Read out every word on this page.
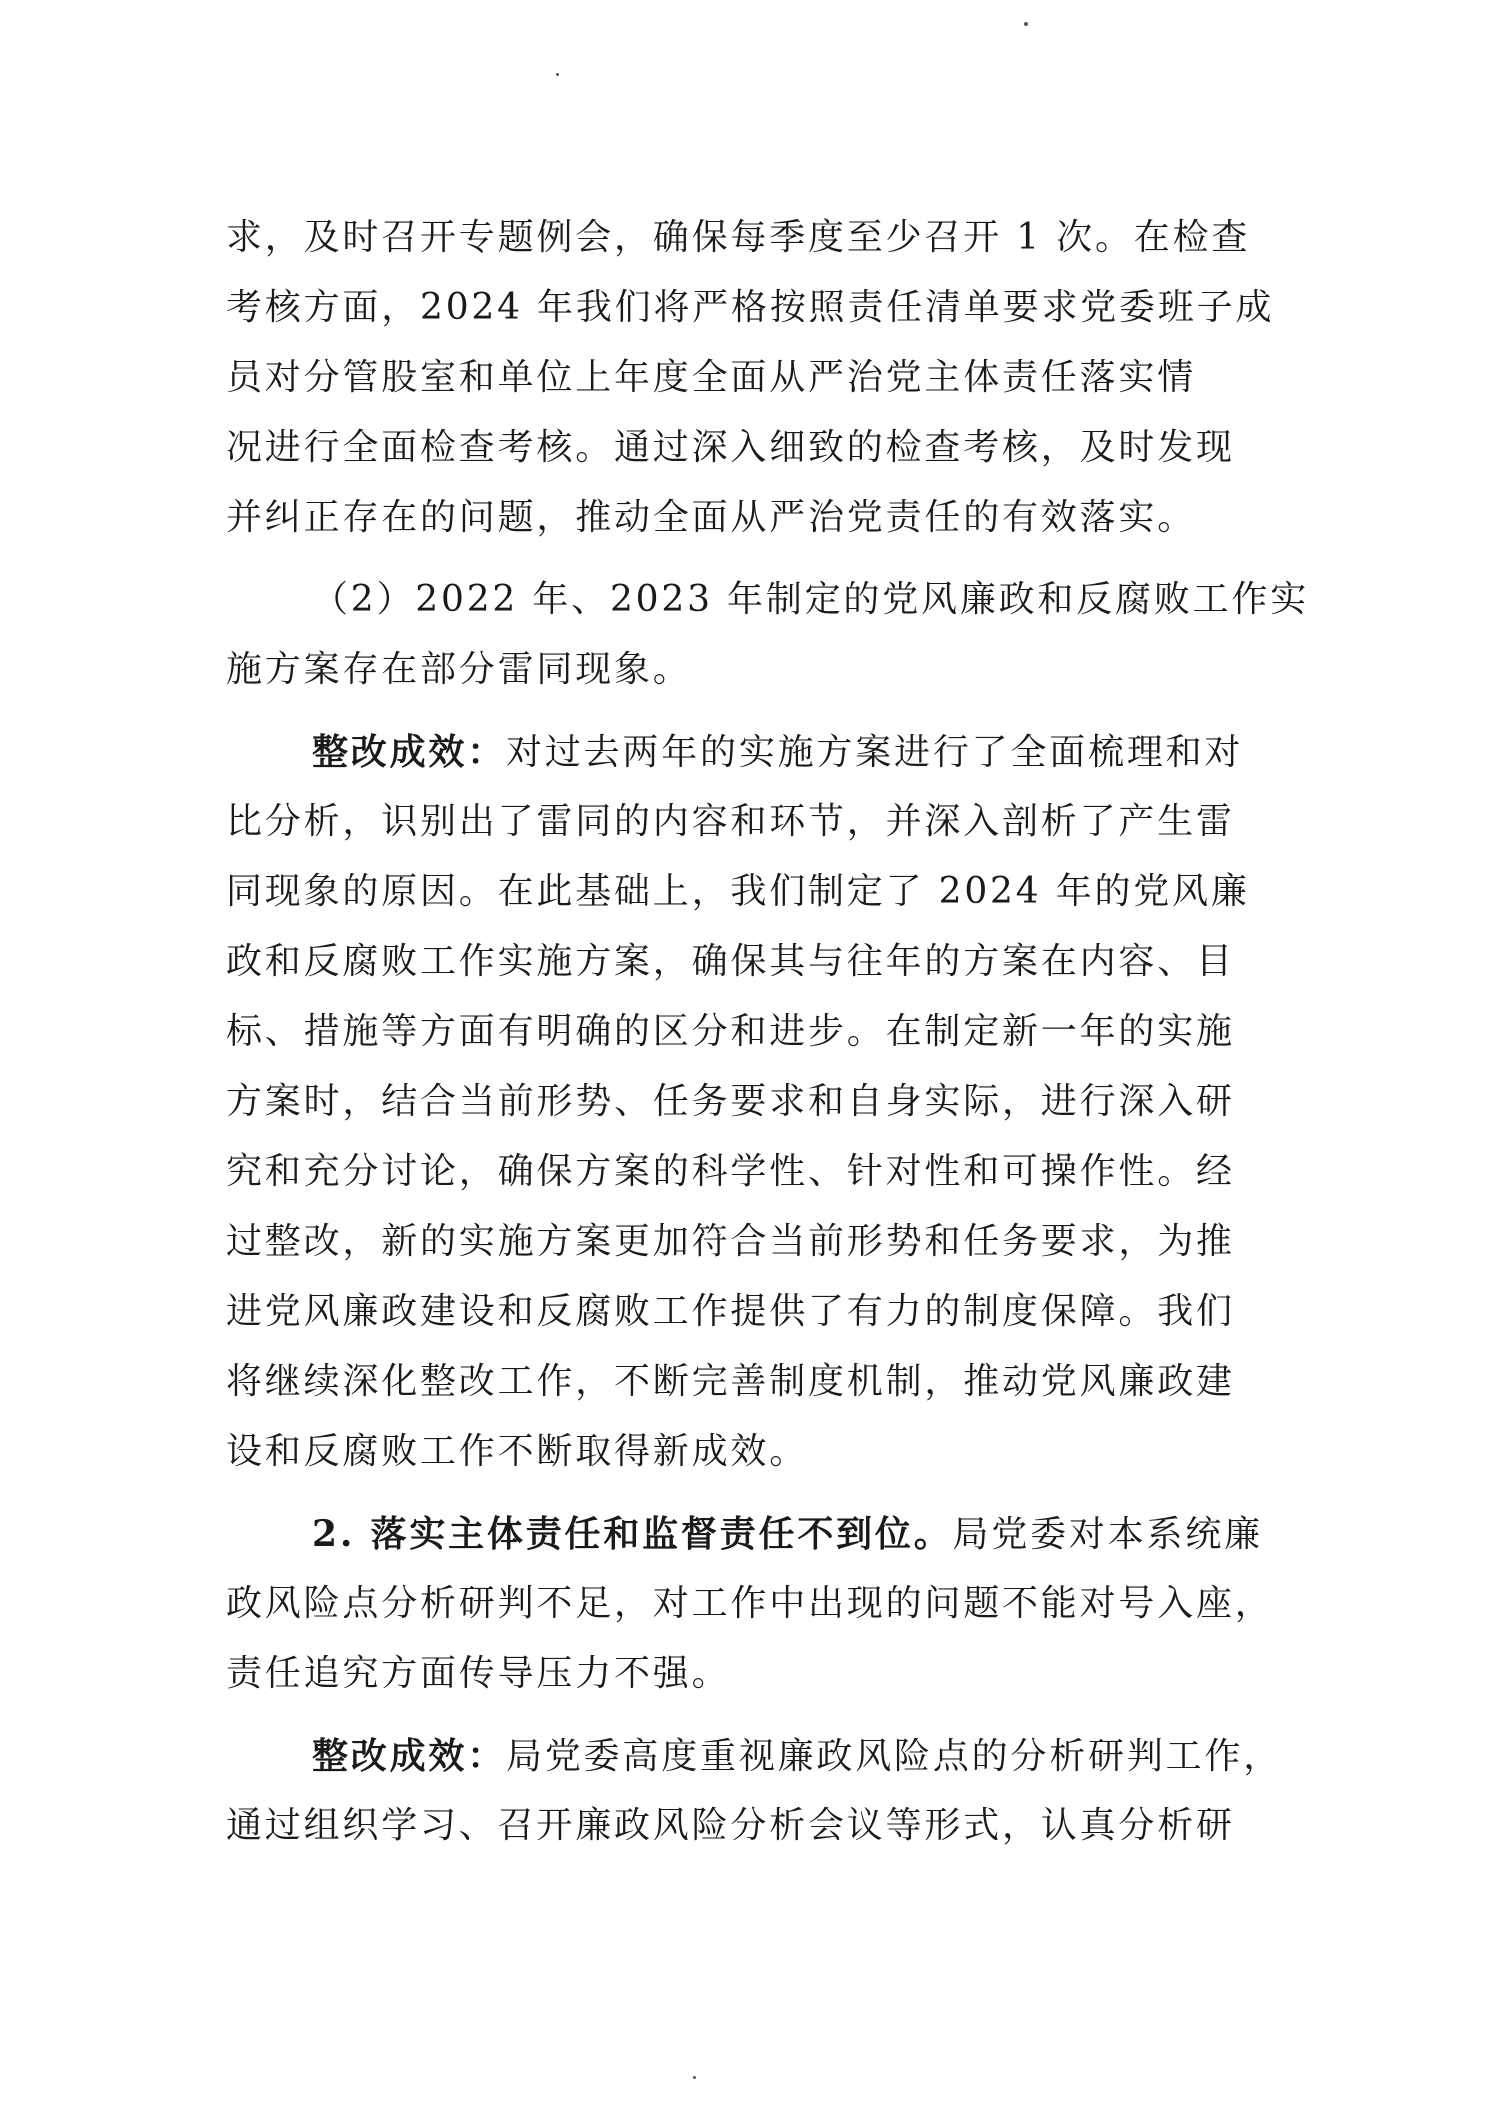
求，及时召开专题例会，确保每季度至少召开 1 次。在检查
考核方面，2024 年我们将严格按照责任清单要求党委班子成
员对分管股室和单位上年度全面从严治党主体责任落实情
况进行全面检查考核。通过深入细致的检查考核，及时发现
并纠正存在的问题，推动全面从严治党责任的有效落实。
（2）2022 年、2023 年制定的党风廉政和反腐败工作实
施方案存在部分雷同现象。
整改成效：对过去两年的实施方案进行了全面梳理和对
比分析，识别出了雷同的内容和环节，并深入剖析了产生雷
同现象的原因。在此基础上，我们制定了 2024 年的党风廉
政和反腐败工作实施方案，确保其与往年的方案在内容、目
标、措施等方面有明确的区分和进步。在制定新一年的实施
方案时，结合当前形势、任务要求和自身实际，进行深入研
究和充分讨论，确保方案的科学性、针对性和可操作性。经
过整改，新的实施方案更加符合当前形势和任务要求，为推
进党风廉政建设和反腐败工作提供了有力的制度保障。我们
将继续深化整改工作，不断完善制度机制，推动党风廉政建
设和反腐败工作不断取得新成效。
2. 落实主体责任和监督责任不到位。局党委对本系统廉
政风险点分析研判不足，对工作中出现的问题不能对号入座，
责任追究方面传导压力不强。
整改成效：局党委高度重视廉政风险点的分析研判工作，
通过组织学习、召开廉政风险分析会议等形式，认真分析研
